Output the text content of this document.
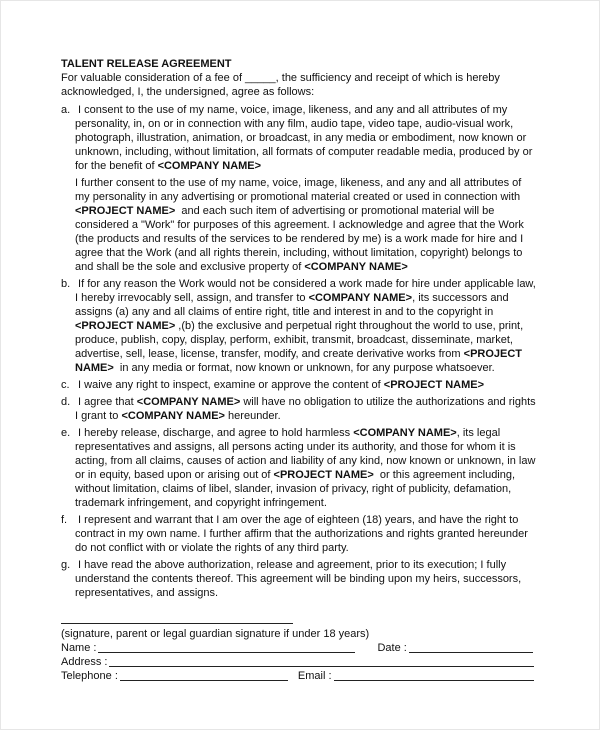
TALENT RELEASE AGREEMENT
For valuable consideration of a fee of _____, the sufficiency and receipt of which is hereby
acknowledged, I, the undersigned, agree as follows:
a. I consent to the use of my name, voice, image, likeness, and any and all attributes of my
personality, in, on or in connection with any film, audio tape, video tape, audio-visual work,
photograph, illustration, animation, or broadcast, in any media or embodiment, now known or
unknown, including, without limitation, all formats of computer readable media, produced by or
for the benefit of <COMPANY NAME>
I further consent to the use of my name, voice, image, likeness, and any and all attributes of
my personality in any advertising or promotional material created or used in connection with
<PROJECT NAME>  and each such item of advertising or promotional material will be
considered a "Work" for purposes of this agreement. I acknowledge and agree that the Work
(the products and results of the services to be rendered by me) is a work made for hire and I
agree that the Work (and all rights therein, including, without limitation, copyright) belongs to
and shall be the sole and exclusive property of <COMPANY NAME>
b. If for any reason the Work would not be considered a work made for hire under applicable law,
I hereby irrevocably sell, assign, and transfer to <COMPANY NAME>, its successors and
assigns (a) any and all claims of entire right, title and interest in and to the copyright in
<PROJECT NAME> ,(b) the exclusive and perpetual right throughout the world to use, print,
produce, publish, copy, display, perform, exhibit, transmit, broadcast, disseminate, market,
advertise, sell, lease, license, transfer, modify, and create derivative works from <PROJECT
NAME>  in any media or format, now known or unknown, for any purpose whatsoever.
c. I waive any right to inspect, examine or approve the content of <PROJECT NAME>
d. I agree that <COMPANY NAME> will have no obligation to utilize the authorizations and rights
I grant to <COMPANY NAME> hereunder.
e. I hereby release, discharge, and agree to hold harmless <COMPANY NAME>, its legal
representatives and assigns, all persons acting under its authority, and those for whom it is
acting, from all claims, causes of action and liability of any kind, now known or unknown, in law
or in equity, based upon or arising out of <PROJECT NAME>  or this agreement including,
without limitation, claims of libel, slander, invasion of privacy, right of publicity, defamation,
trademark infringement, and copyright infringement.
f. I represent and warrant that I am over the age of eighteen (18) years, and have the right to
contract in my own name. I further affirm that the authorizations and rights granted hereunder
do not conflict with or violate the rights of any third party.
g. I have read the above authorization, release and agreement, prior to its execution; I fully
understand the contents thereof. This agreement will be binding upon my heirs, successors,
representatives, and assigns.
(signature, parent or legal guardian signature if under 18 years)
Name :	Date :
Address :
Telephone :	Email :
